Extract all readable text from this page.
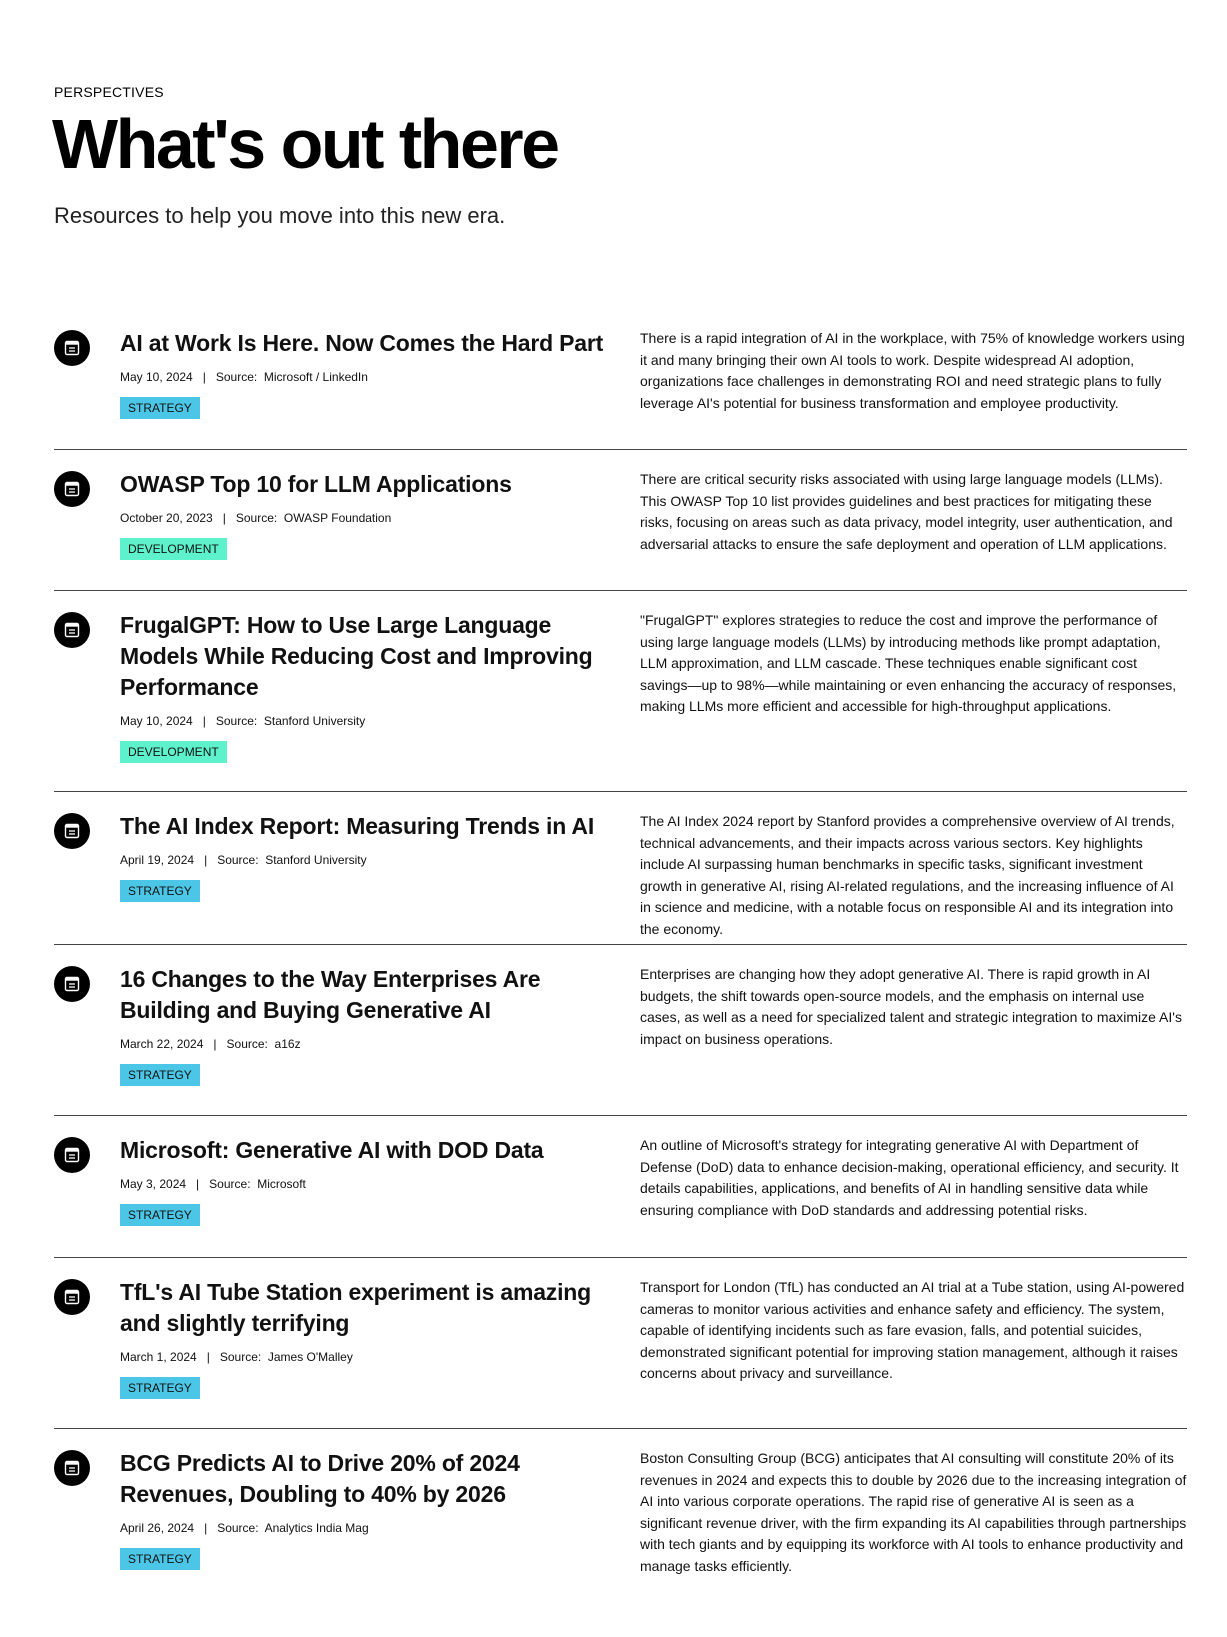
PERSPECTIVES
What's out there

Resources to help you move into this new era.

AI at Work Is Here. Now Comes the Hard Part
May 10, 2024 | Source: Microsoft / LinkedIn
STRATEGY
There is a rapid integration of AI in the workplace, with 75% of knowledge workers using it and many bringing their own AI tools to work. Despite widespread AI adoption, organizations face challenges in demonstrating ROI and need strategic plans to fully leverage AI's potential for business transformation and employee productivity.
OWASP Top 10 for LLM Applications
October 20, 2023 | Source: OWASP Foundation
DEVELOPMENT
There are critical security risks associated with using large language models (LLMs). This OWASP Top 10 list provides guidelines and best practices for mitigating these risks, focusing on areas such as data privacy, model integrity, user authentication, and adversarial attacks to ensure the safe deployment and operation of LLM applications.
FrugalGPT: How to Use Large Language Models While Reducing Cost and Improving Performance
May 10, 2024 | Source: Stanford University
DEVELOPMENT
"FrugalGPT" explores strategies to reduce the cost and improve the performance of using large language models (LLMs) by introducing methods like prompt adaptation, LLM approximation, and LLM cascade. These techniques enable significant cost savings—up to 98%—while maintaining or even enhancing the accuracy of responses, making LLMs more efficient and accessible for high-throughput applications.
The AI Index Report: Measuring Trends in AI
April 19, 2024 | Source: Stanford University
STRATEGY
The AI Index 2024 report by Stanford provides a comprehensive overview of AI trends, technical advancements, and their impacts across various sectors. Key highlights include AI surpassing human benchmarks in specific tasks, significant investment growth in generative AI, rising AI-related regulations, and the increasing influence of AI in science and medicine, with a notable focus on responsible AI and its integration into the economy.
16 Changes to the Way Enterprises Are Building and Buying Generative AI
March 22, 2024 | Source: a16z
STRATEGY
Enterprises are changing how they adopt generative AI. There is rapid growth in AI budgets, the shift towards open-source models, and the emphasis on internal use cases, as well as a need for specialized talent and strategic integration to maximize AI's impact on business operations.
Microsoft: Generative AI with DOD Data
May 3, 2024 | Source: Microsoft
STRATEGY
An outline of Microsoft's strategy for integrating generative AI with Department of Defense (DoD) data to enhance decision-making, operational efficiency, and security. It details capabilities, applications, and benefits of AI in handling sensitive data while ensuring compliance with DoD standards and addressing potential risks.
TfL's AI Tube Station experiment is amazing and slightly terrifying
March 1, 2024 | Source: James O'Malley
STRATEGY
Transport for London (TfL) has conducted an AI trial at a Tube station, using AI-powered cameras to monitor various activities and enhance safety and efficiency. The system, capable of identifying incidents such as fare evasion, falls, and potential suicides, demonstrated significant potential for improving station management, although it raises concerns about privacy and surveillance.
BCG Predicts AI to Drive 20% of 2024 Revenues, Doubling to 40% by 2026
April 26, 2024 | Source: Analytics India Mag
STRATEGY
Boston Consulting Group (BCG) anticipates that AI consulting will constitute 20% of its revenues in 2024 and expects this to double by 2026 due to the increasing integration of AI into various corporate operations. The rapid rise of generative AI is seen as a significant revenue driver, with the firm expanding its AI capabilities through partnerships with tech giants and by equipping its workforce with AI tools to enhance productivity and manage tasks efficiently.
